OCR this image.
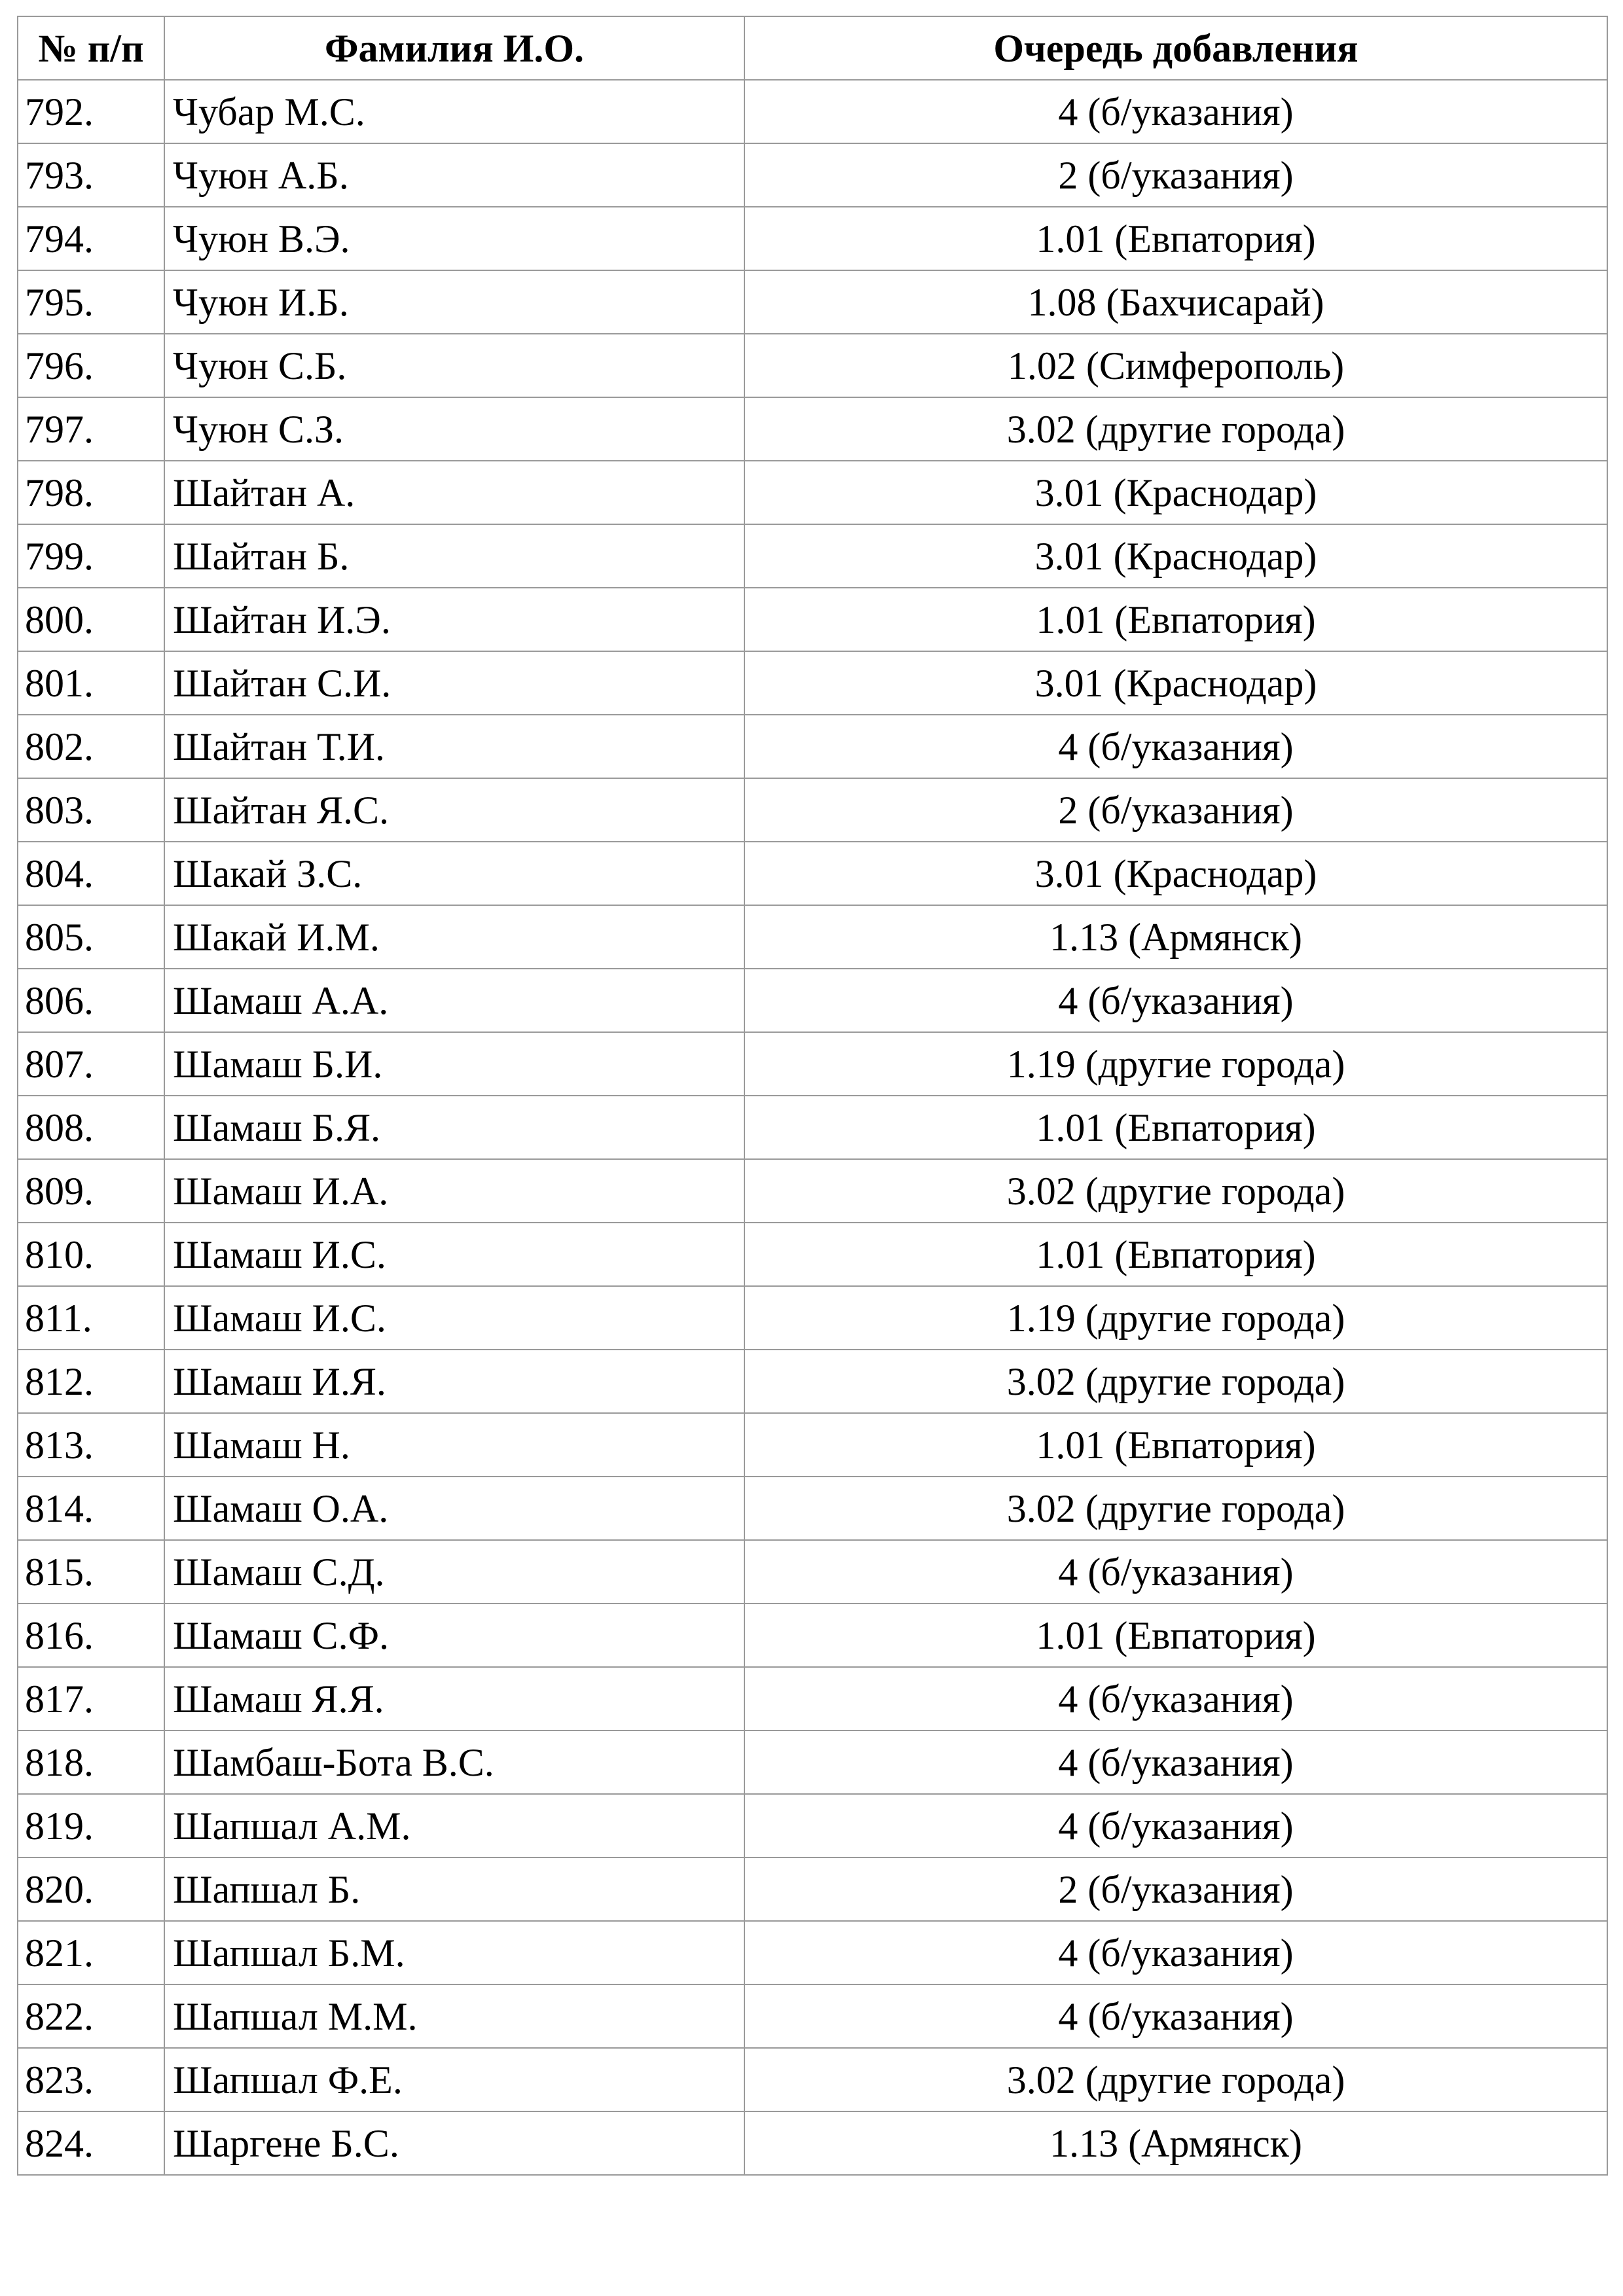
№ п/п	Фамилия И.О.	Очередь добавления
792.	Чубар М.С.	4 (б/указания)
793.	Чуюн А.Б.	2 (б/указания)
794.	Чуюн В.Э.	1.01 (Евпатория)
795.	Чуюн И.Б.	1.08 (Бахчисарай)
796.	Чуюн С.Б.	1.02 (Симферополь)
797.	Чуюн С.З.	3.02 (другие города)
798.	Шайтан А.	3.01 (Краснодар)
799.	Шайтан Б.	3.01 (Краснодар)
800.	Шайтан И.Э.	1.01 (Евпатория)
801.	Шайтан С.И.	3.01 (Краснодар)
802.	Шайтан Т.И.	4 (б/указания)
803.	Шайтан Я.С.	2 (б/указания)
804.	Шакай З.С.	3.01 (Краснодар)
805.	Шакай И.М.	1.13 (Армянск)
806.	Шамаш А.А.	4 (б/указания)
807.	Шамаш Б.И.	1.19 (другие города)
808.	Шамаш Б.Я.	1.01 (Евпатория)
809.	Шамаш И.А.	3.02 (другие города)
810.	Шамаш И.С.	1.01 (Евпатория)
811.	Шамаш И.С.	1.19 (другие города)
812.	Шамаш И.Я.	3.02 (другие города)
813.	Шамаш Н.	1.01 (Евпатория)
814.	Шамаш О.А.	3.02 (другие города)
815.	Шамаш С.Д.	4 (б/указания)
816.	Шамаш С.Ф.	1.01 (Евпатория)
817.	Шамаш Я.Я.	4 (б/указания)
818.	Шамбаш-Бота В.С.	4 (б/указания)
819.	Шапшал А.М.	4 (б/указания)
820.	Шапшал Б.	2 (б/указания)
821.	Шапшал Б.М.	4 (б/указания)
822.	Шапшал М.М.	4 (б/указания)
823.	Шапшал Ф.Е.	3.02 (другие города)
824.	Шаргене Б.С.	1.13 (Армянск)
